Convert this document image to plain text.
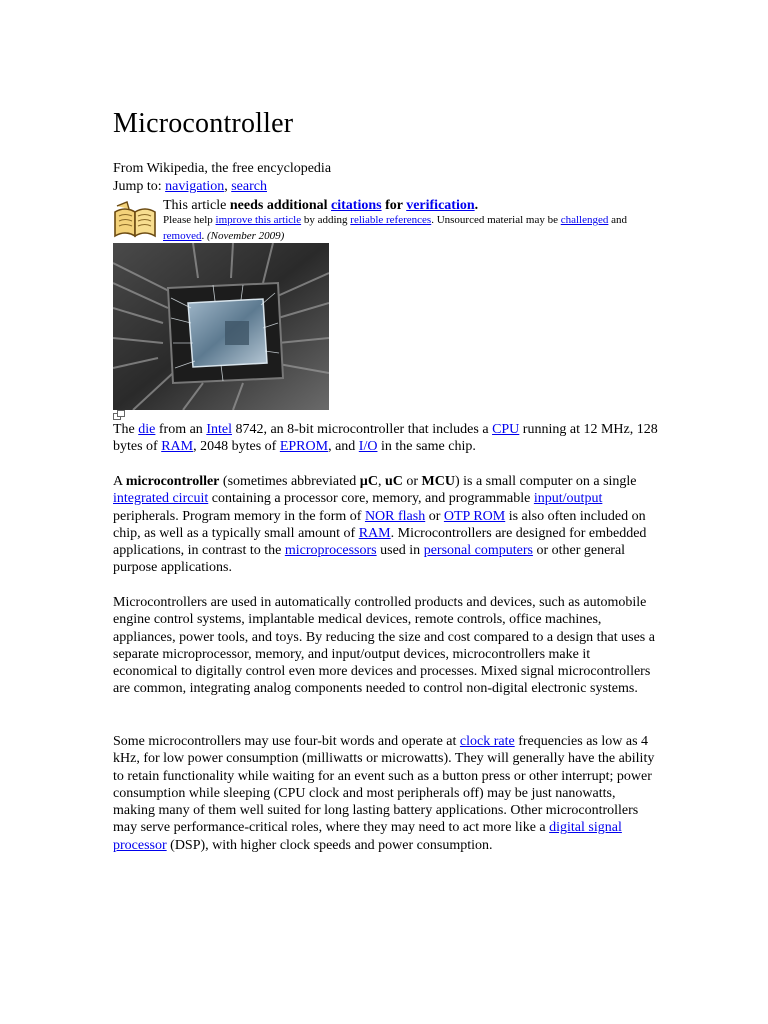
Microcontroller
From Wikipedia, the free encyclopedia
Jump to: navigation, search
This article needs additional citations for verification.
Please help improve this article by adding reliable references. Unsourced material may be challenged and removed. (November 2009)

The die from an Intel 8742, an 8-bit microcontroller that includes a CPU running at 12 MHz, 128 bytes of RAM, 2048 bytes of EPROM, and I/O in the same chip.

A microcontroller (sometimes abbreviated µC, uC or MCU) is a small computer on a single integrated circuit containing a processor core, memory, and programmable input/output peripherals. Program memory in the form of NOR flash or OTP ROM is also often included on chip, as well as a typically small amount of RAM. Microcontrollers are designed for embedded applications, in contrast to the microprocessors used in personal computers or other general purpose applications.

Microcontrollers are used in automatically controlled products and devices, such as automobile engine control systems, implantable medical devices, remote controls, office machines, appliances, power tools, and toys. By reducing the size and cost compared to a design that uses a separate microprocessor, memory, and input/output devices, microcontrollers make it economical to digitally control even more devices and processes. Mixed signal microcontrollers are common, integrating analog components needed to control non-digital electronic systems.

Some microcontrollers may use four-bit words and operate at clock rate frequencies as low as 4 kHz, for low power consumption (milliwatts or microwatts). They will generally have the ability to retain functionality while waiting for an event such as a button press or other interrupt; power consumption while sleeping (CPU clock and most peripherals off) may be just nanowatts, making many of them well suited for long lasting battery applications. Other microcontrollers may serve performance-critical roles, where they may need to act more like a digital signal processor (DSP), with higher clock speeds and power consumption.
